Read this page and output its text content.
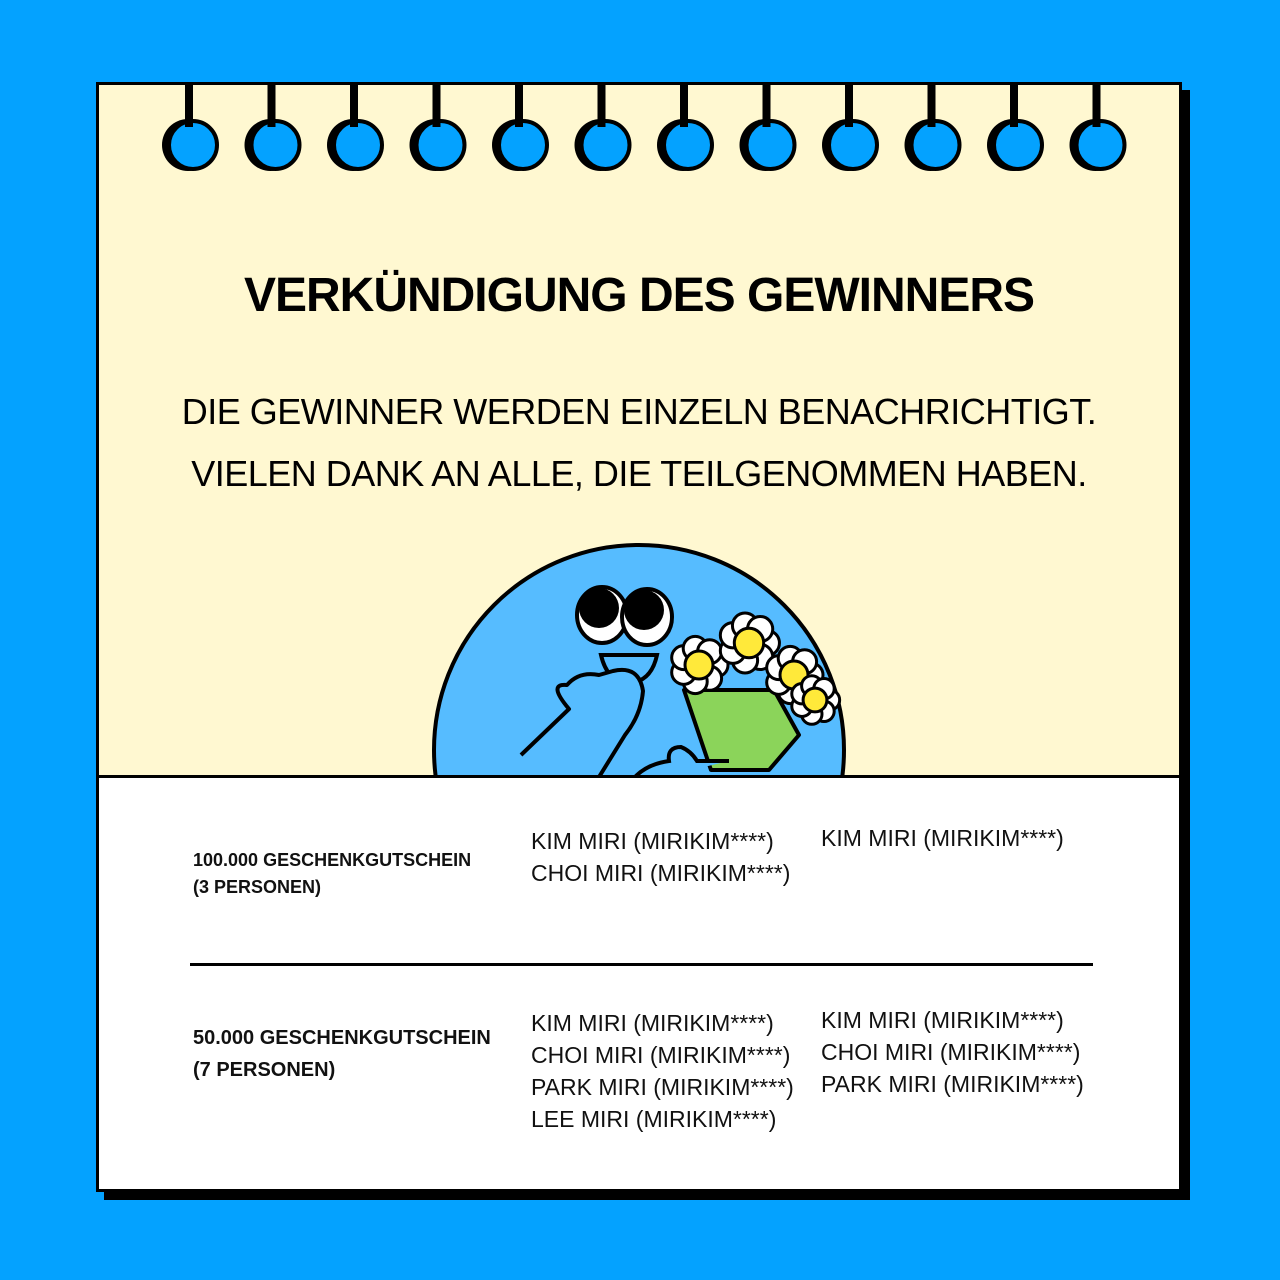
VERKÜNDIGUNG DES GEWINNERS
DIE GEWINNER WERDEN EINZELN BENACHRICHTIGT.
VIELEN DANK AN ALLE, DIE TEILGENOMMEN HABEN.
100.000 GESCHENKGUTSCHEIN
(3 PERSONEN)
KIM MIRI (MIRIKIM****)
CHOI MIRI (MIRIKIM****)
KIM MIRI (MIRIKIM****)
50.000 GESCHENKGUTSCHEIN
(7 PERSONEN)
KIM MIRI (MIRIKIM****)
CHOI MIRI (MIRIKIM****)
PARK MIRI (MIRIKIM****)
LEE MIRI (MIRIKIM****)
KIM MIRI (MIRIKIM****)
CHOI MIRI (MIRIKIM****)
PARK MIRI (MIRIKIM****)
